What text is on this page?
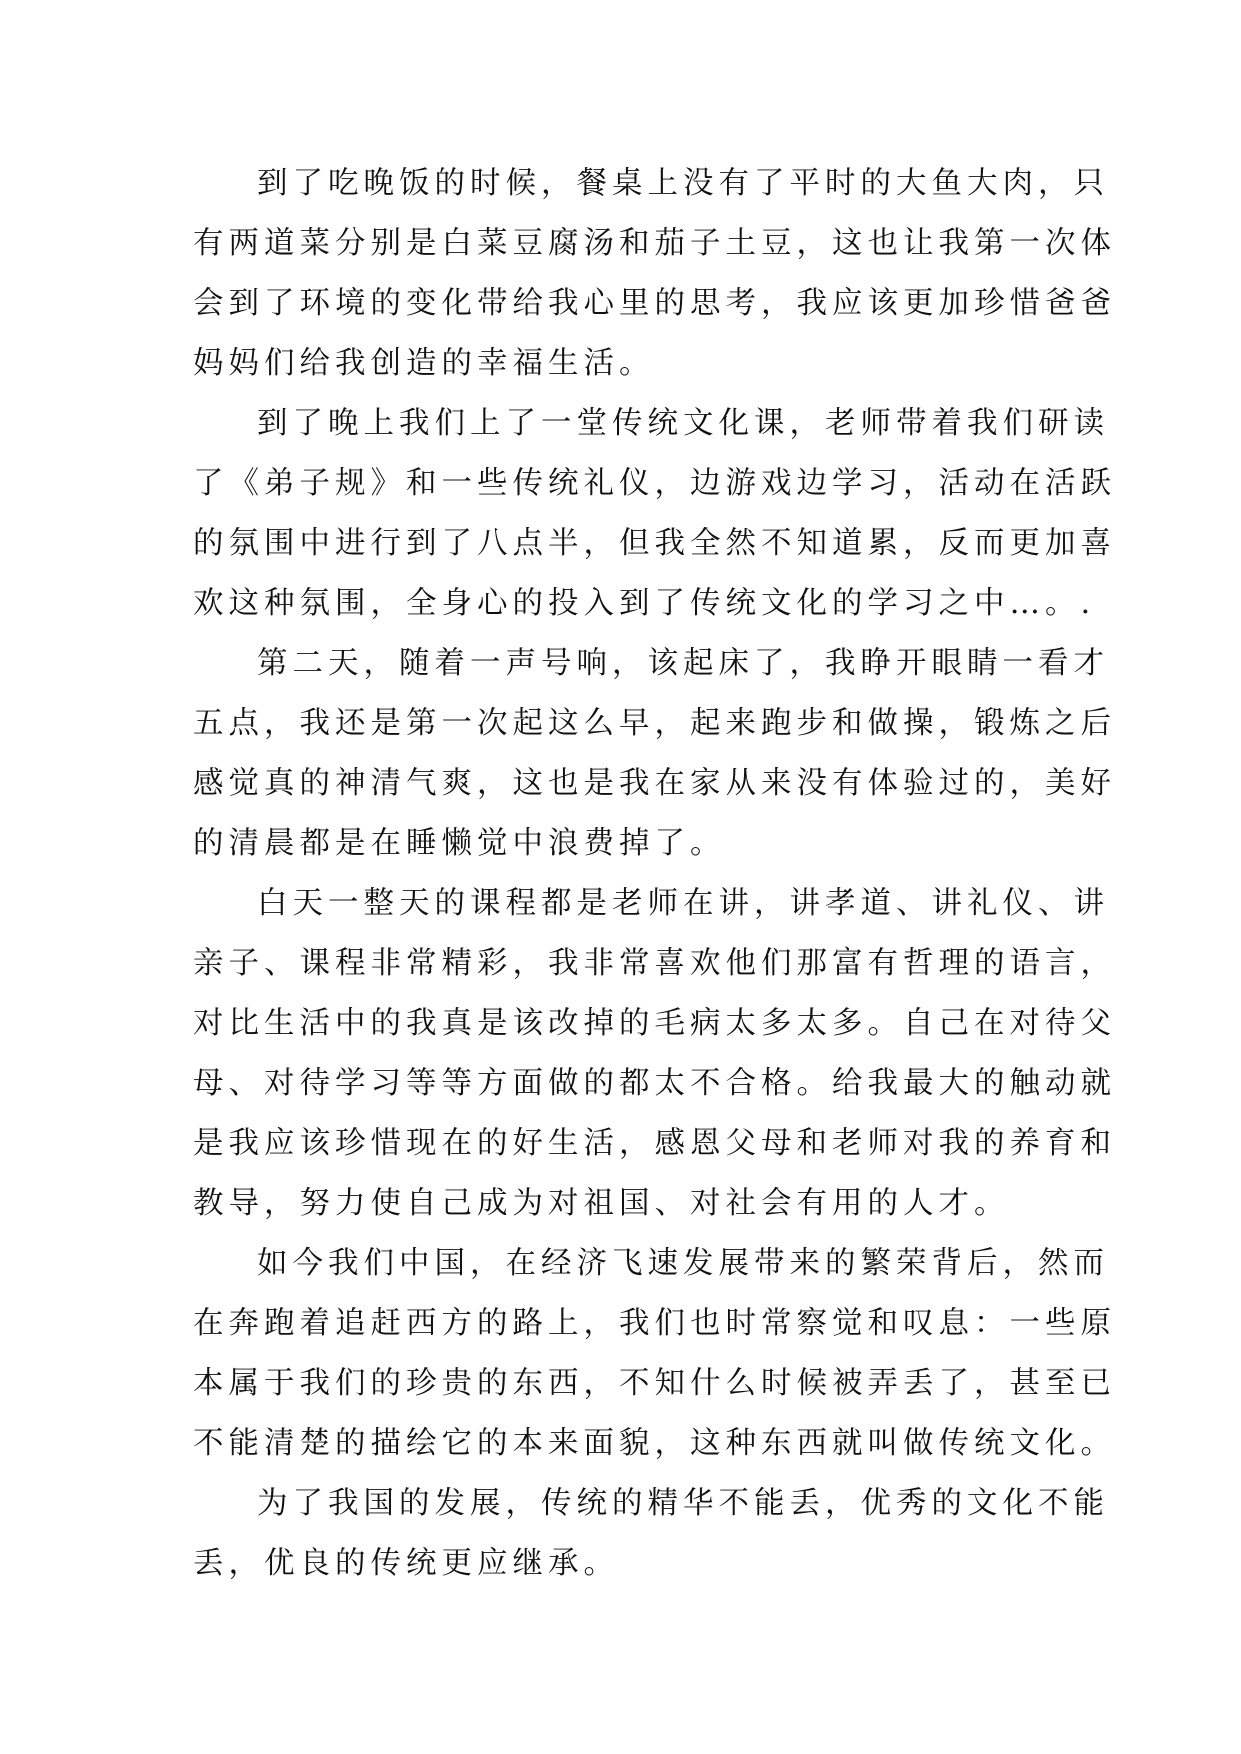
到了吃晚饭的时候，餐桌上没有了平时的大鱼大肉，只
有两道菜分别是白菜豆腐汤和茄子土豆，这也让我第一次体
会到了环境的变化带给我心里的思考，我应该更加珍惜爸爸
妈妈们给我创造的幸福生活。
到了晚上我们上了一堂传统文化课，老师带着我们研读
了《弟子规》和一些传统礼仪，边游戏边学习，活动在活跃
的氛围中进行到了八点半，但我全然不知道累，反而更加喜
欢这种氛围，全身心的投入到了传统文化的学习之中…。.
第二天，随着一声号响，该起床了，我睁开眼睛一看才
五点，我还是第一次起这么早，起来跑步和做操，锻炼之后
感觉真的神清气爽，这也是我在家从来没有体验过的，美好
的清晨都是在睡懒觉中浪费掉了。
白天一整天的课程都是老师在讲，讲孝道、讲礼仪、讲
亲子、课程非常精彩，我非常喜欢他们那富有哲理的语言，
对比生活中的我真是该改掉的毛病太多太多。自己在对待父
母、对待学习等等方面做的都太不合格。给我最大的触动就
是我应该珍惜现在的好生活，感恩父母和老师对我的养育和
教导，努力使自己成为对祖国、对社会有用的人才。
如今我们中国，在经济飞速发展带来的繁荣背后，然而
在奔跑着追赶西方的路上，我们也时常察觉和叹息：一些原
本属于我们的珍贵的东西，不知什么时候被弄丢了，甚至已
不能清楚的描绘它的本来面貌，这种东西就叫做传统文化。
为了我国的发展，传统的精华不能丢，优秀的文化不能
丢，优良的传统更应继承。
